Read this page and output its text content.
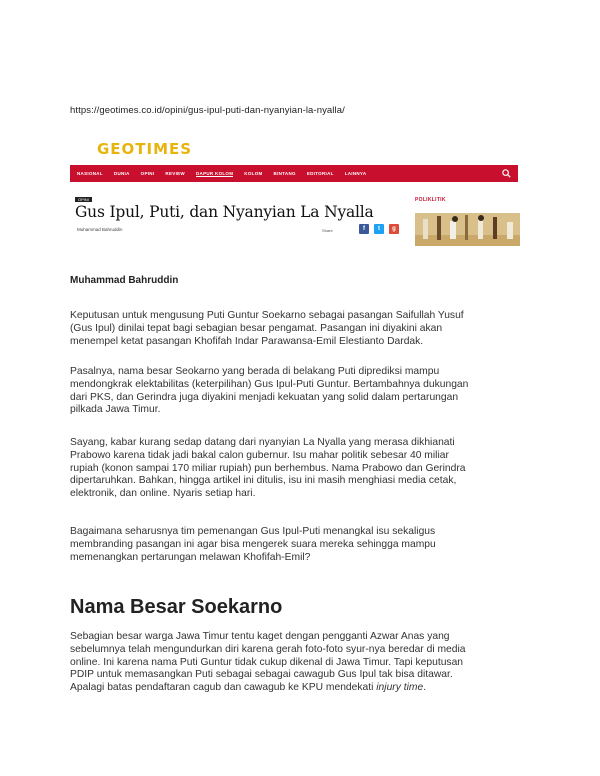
https://geotimes.co.id/opini/gus-ipul-puti-dan-nyanyian-la-nyalla/
GEOTIMES
NASIONAL DUNIA OPINI REVIEW DAPUR KOLOM KOLOM BINTANG EDITORIAL LAINNYA
OPINI
Gus Ipul, Puti, dan Nyanyian La Nyalla
Muhammad Bahruddin	Share	f	t	g
POLIKLITIK
Muhammad Bahruddin
Keputusan untuk mengusung Puti Guntur Soekarno sebagai pasangan Saifullah Yusuf
(Gus Ipul) dinilai tepat bagi sebagian besar pengamat. Pasangan ini diyakini akan
menempel ketat pasangan Khofifah Indar Parawansa-Emil Elestianto Dardak.
Pasalnya, nama besar Seokarno yang berada di belakang Puti diprediksi mampu
mendongkrak elektabilitas (keterpilihan) Gus Ipul-Puti Guntur. Bertambahnya dukungan
dari PKS, dan Gerindra juga diyakini menjadi kekuatan yang solid dalam pertarungan
pilkada Jawa Timur.
Sayang, kabar kurang sedap datang dari nyanyian La Nyalla yang merasa dikhianati
Prabowo karena tidak jadi bakal calon gubernur. Isu mahar politik sebesar 40 miliar
rupiah (konon sampai 170 miliar rupiah) pun berhembus. Nama Prabowo dan Gerindra
dipertaruhkan. Bahkan, hingga artikel ini ditulis, isu ini masih menghiasi media cetak,
elektronik, dan online. Nyaris setiap hari.
Bagaimana seharusnya tim pemenangan Gus Ipul-Puti menangkal isu sekaligus
membranding pasangan ini agar bisa mengerek suara mereka sehingga mampu
memenangkan pertarungan melawan Khofifah-Emil?
Nama Besar Soekarno
Sebagian besar warga Jawa Timur tentu kaget dengan pengganti Azwar Anas yang
sebelumnya telah mengundurkan diri karena gerah foto-foto syur-nya beredar di media
online. Ini karena nama Puti Guntur tidak cukup dikenal di Jawa Timur. Tapi keputusan
PDIP untuk memasangkan Puti sebagai sebagai cawagub Gus Ipul tak bisa ditawar.
Apalagi batas pendaftaran cagub dan cawagub ke KPU mendekati injury time.
